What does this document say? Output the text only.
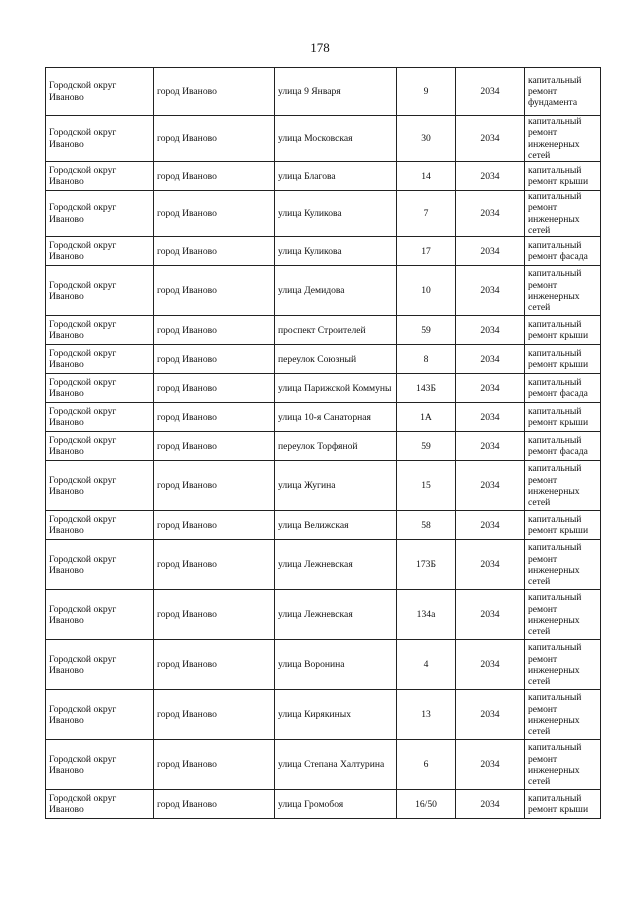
178
Городской округ Иваново	город Иваново	улица 9 Января	9	2034	капитальный ремонт фундамента
Городской округ Иваново	город Иваново	улица Московская	30	2034	капитальный ремонт инженерных сетей
Городской округ Иваново	город Иваново	улица Благова	14	2034	капитальный ремонт крыши
Городской округ Иваново	город Иваново	улица Куликова	7	2034	капитальный ремонт инженерных сетей
Городской округ Иваново	город Иваново	улица Куликова	17	2034	капитальный ремонт фасада
Городской округ Иваново	город Иваново	улица Демидова	10	2034	капитальный ремонт инженерных сетей
Городской округ Иваново	город Иваново	проспект Строителей	59	2034	капитальный ремонт крыши
Городской округ Иваново	город Иваново	переулок Союзный	8	2034	капитальный ремонт крыши
Городской округ Иваново	город Иваново	улица Парижской Коммуны	143Б	2034	капитальный ремонт фасада
Городской округ Иваново	город Иваново	улица 10-я Санаторная	1А	2034	капитальный ремонт крыши
Городской округ Иваново	город Иваново	переулок Торфяной	59	2034	капитальный ремонт фасада
Городской округ Иваново	город Иваново	улица Жугина	15	2034	капитальный ремонт инженерных сетей
Городской округ Иваново	город Иваново	улица Велижская	58	2034	капитальный ремонт крыши
Городской округ Иваново	город Иваново	улица Лежневская	173Б	2034	капитальный ремонт инженерных сетей
Городской округ Иваново	город Иваново	улица Лежневская	134а	2034	капитальный ремонт инженерных сетей
Городской округ Иваново	город Иваново	улица Воронина	4	2034	капитальный ремонт инженерных сетей
Городской округ Иваново	город Иваново	улица Кирякиных	13	2034	капитальный ремонт инженерных сетей
Городской округ Иваново	город Иваново	улица Степана Халтурина	6	2034	капитальный ремонт инженерных сетей
Городской округ Иваново	город Иваново	улица Громобоя	16/50	2034	капитальный ремонт крыши
